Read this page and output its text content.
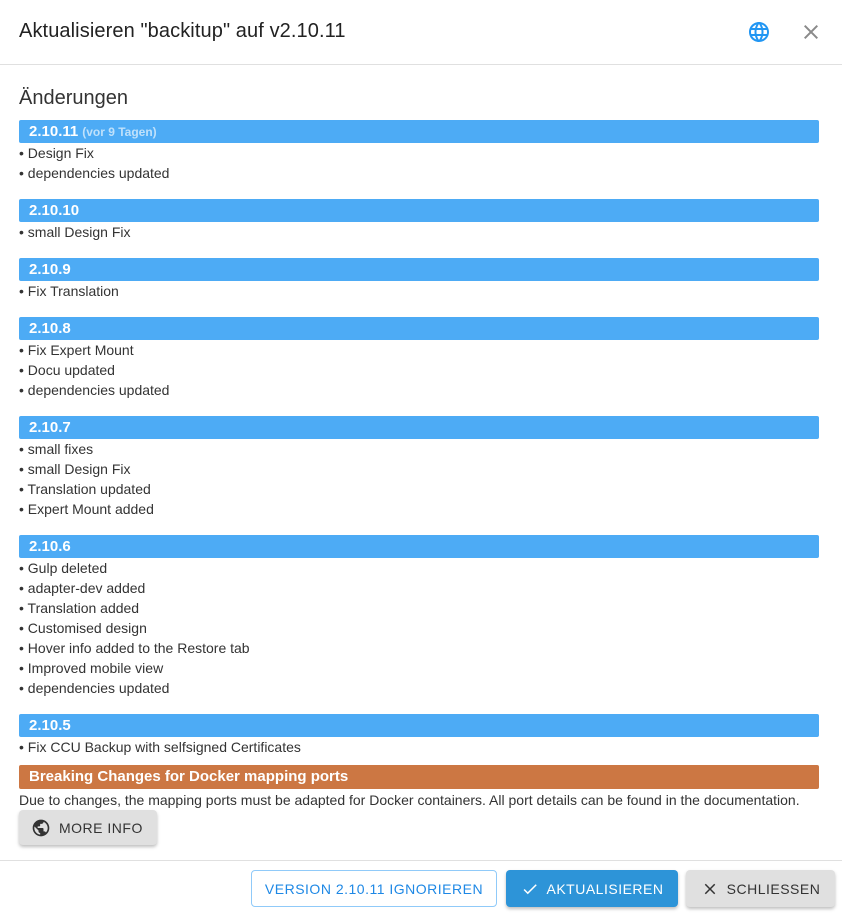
Aktualisieren "backitup" auf v2.10.11
Änderungen
2.10.11 (vor 9 Tagen)
• Design Fix
• dependencies updated
2.10.10
• small Design Fix
2.10.9
• Fix Translation
2.10.8
• Fix Expert Mount
• Docu updated
• dependencies updated
2.10.7
• small fixes
• small Design Fix
• Translation updated
• Expert Mount added
2.10.6
• Gulp deleted
• adapter-dev added
• Translation added
• Customised design
• Hover info added to the Restore tab
• Improved mobile view
• dependencies updated
2.10.5
• Fix CCU Backup with selfsigned Certificates
Breaking Changes for Docker mapping ports
Due to changes, the mapping ports must be adapted for Docker containers. All port details can be found in the documentation.
MORE INFO
VERSION 2.10.11 IGNORIEREN	AKTUALISIEREN	SCHLIESSEN
